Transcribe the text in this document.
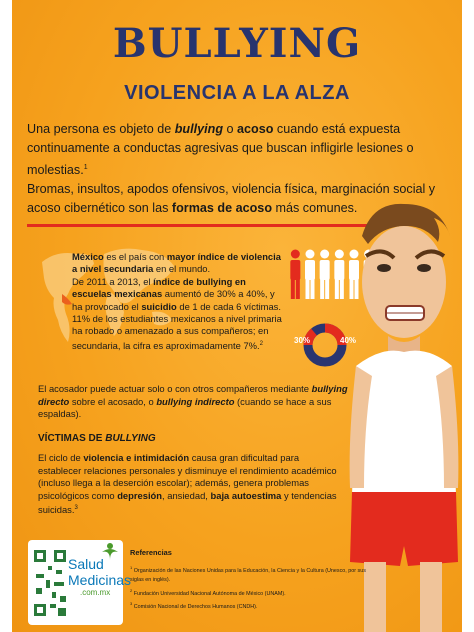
BULLYING
VIOLENCIA A LA ALZA
Una persona es objeto de bullying o acoso cuando está expuesta continuamente a conductas agresivas que buscan infligirle lesiones o molestias.$^1$
Bromas, insultos, apodos ofensivos, violencia física, marginación social y acoso cibernético son las formas de acoso más comunes.
México es el país con mayor índice de violencia a nivel secundaria en el mundo.
De 2011 a 2013, el índice de bullying en escuelas mexicanas aumentó de 30% a 40%, y ha provocado el suicidio de 1 de cada 6 víctimas.
11% de los estudiantes mexicanos a nivel primaria ha robado o amenazado a sus compañeros; en secundaria, la cifra es aproximadamente 7%.$^2$	30%	40%
El acosador puede actuar solo o con otros compañeros mediante bullying directo sobre el acosado, o bullying indirecto (cuando se hace a sus espaldas).
VÍCTIMAS DE BULLYING
El ciclo de violencia e intimidación causa gran dificultad para establecer relaciones personales y disminuye el rendimiento académico (incluso llega a la deserción escolar); además, genera problemas psicológicos como depresión, ansiedad, baja autoestima y tendencias suicidas.$^3$
Salud
Medicinas
.com.mx
Referencias
$^1$ Organización de las Naciones Unidas para la Educación, la Ciencia y la Cultura (Unesco, por sus siglas en inglés).
$^2$ Fundación Universidad Nacional Autónoma de México (UNAM).
$^3$ Comisión Nacional de Derechos Humanos (CNDH).
